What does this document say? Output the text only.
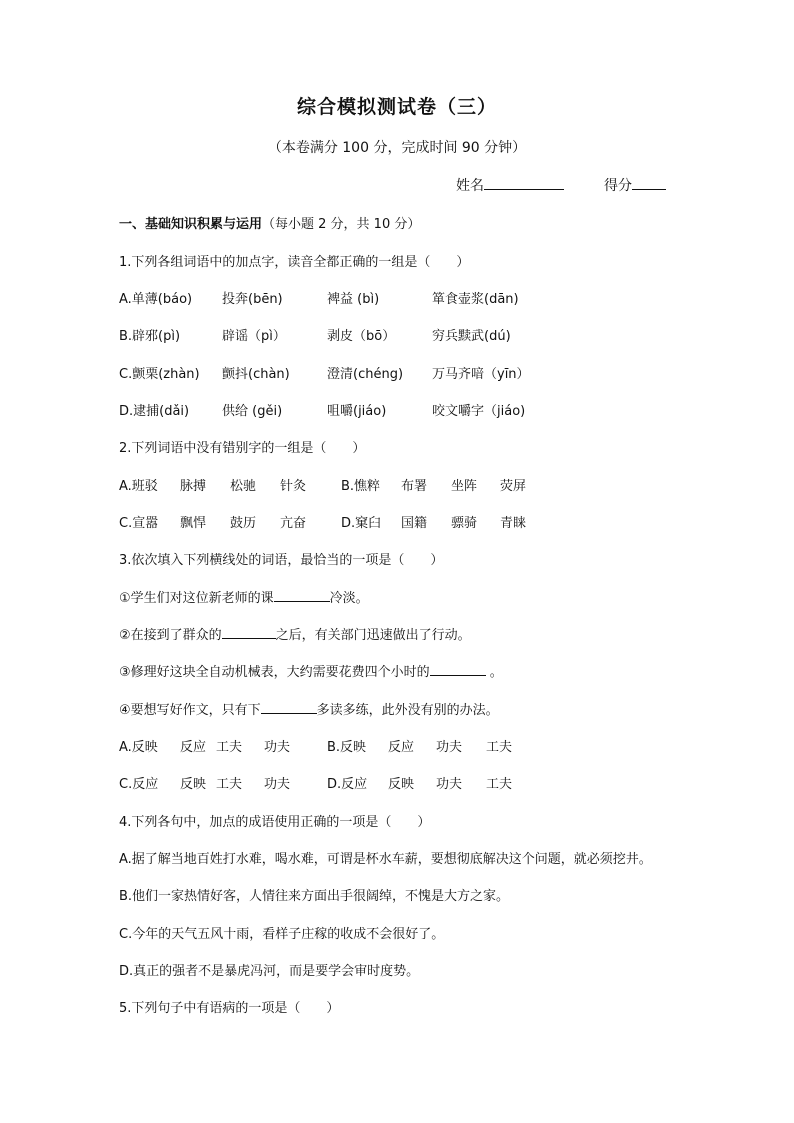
综合模拟测试卷（三）
（本卷满分 100 分，完成时间 90 分钟）
姓名	得分
一、基础知识积累与运用（每小题 2 分，共 10 分）
1.下列各组词语中的加点字，读音全都正确的一组是（　　）
A.单薄(báo) 投奔(bēn)	裨益 (bì)	箪食壶浆(dān)
B.辟邪(pì)	辟谣（pì）	剥皮（bō）	穷兵黩武(dú)
C.颤栗(zhàn) 颤抖(chàn)	澄清(chéng) 万马齐喑（yīn）
D.逮捕(dǎi)	供给 (gěi)	咀嚼(jiáo)	咬文嚼字（jiáo)
2.下列词语中没有错别字的一组是（　　）
A.班驳 脉搏 松驰 针灸	B.憔粹 布署 坐阵 荧屏
C.宣嚣 飘悍 鼓历 亢奋	D.窠臼 国籍 骠骑 青睐
3.依次填入下列横线处的词语，最恰当的一项是（　　）
①学生们对这位新老师的课	冷淡。
②在接到了群众的	之后，有关部门迅速做出了行动。
③修理好这块全自动机械表，大约需要花费四个小时的	。
④要想写好作文，只有下	多读多练，此外没有别的办法。
A.反映 反应 工夫 功夫	B.反映 反应 功夫 工夫
C.反应 反映 工夫 功夫	D.反应 反映 功夫 工夫
4.下列各句中，加点的成语使用正确的一项是（　　）
A.据了解当地百姓打水难，喝水难，可谓是杯水车薪，要想彻底解决这个问题，就必须挖井。
B.他们一家热情好客，人情往来方面出手很阔绰，不愧是大方之家。
C.今年的天气五风十雨，看样子庄稼的收成不会很好了。
D.真正的强者不是暴虎冯河，而是要学会审时度势。
5.下列句子中有语病的一项是（　　）
